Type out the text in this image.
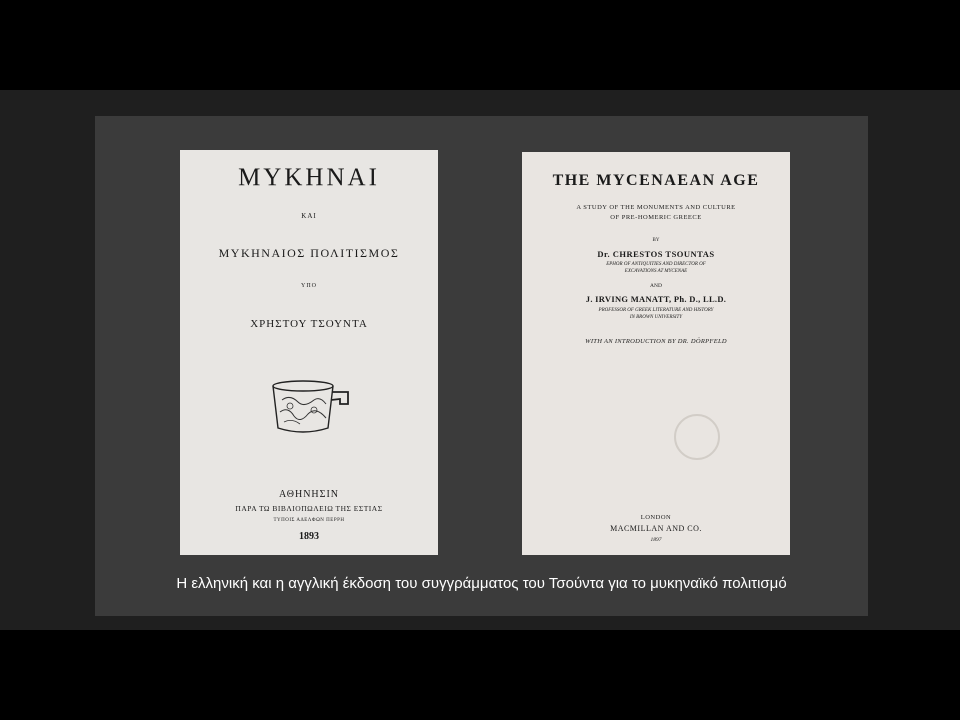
ΜΥΚΗΝΑΙ
ΚΑΙ
ΜΥΚΗΝΑΙΟΣ ΠΟΛΙΤΙΣΜΟΣ
ΥΠΟ
ΧΡΗΣΤΟΥ ΤΣΟΥΝΤΑ
ΑΘΗΝΗΣΙΝ
ΠΑΡΑ ΤΩ ΒΙΒΛΙΟΠΩΛΕΙΩ ΤΗΣ ΕΣΤΙΑΣ
ΤΥΠΟΙΣ ΑΔΕΛΦΩΝ ΠΕΡΡΗ
1893
THE MYCENAEAN AGE
A STUDY OF THE MONUMENTS AND CULTURE
OF PRE-HOMERIC GREECE
BY
Dr. CHRESTOS TSOUNTAS
EPHOR OF ANTIQUITIES AND DIRECTOR OF
EXCAVATIONS AT MYCENAE
AND
J. IRVING MANATT, Ph. D., LL.D.
PROFESSOR OF GREEK LITERATURE AND HISTORY
IN BROWN UNIVERSITY
WITH AN INTRODUCTION BY DR. DÖRPFELD
LONDON
MACMILLAN AND CO.
1897
Η ελληνική και η αγγλική έκδοση του συγγράμματος του Τσούντα για το μυκηναϊκό πολιτισμό
